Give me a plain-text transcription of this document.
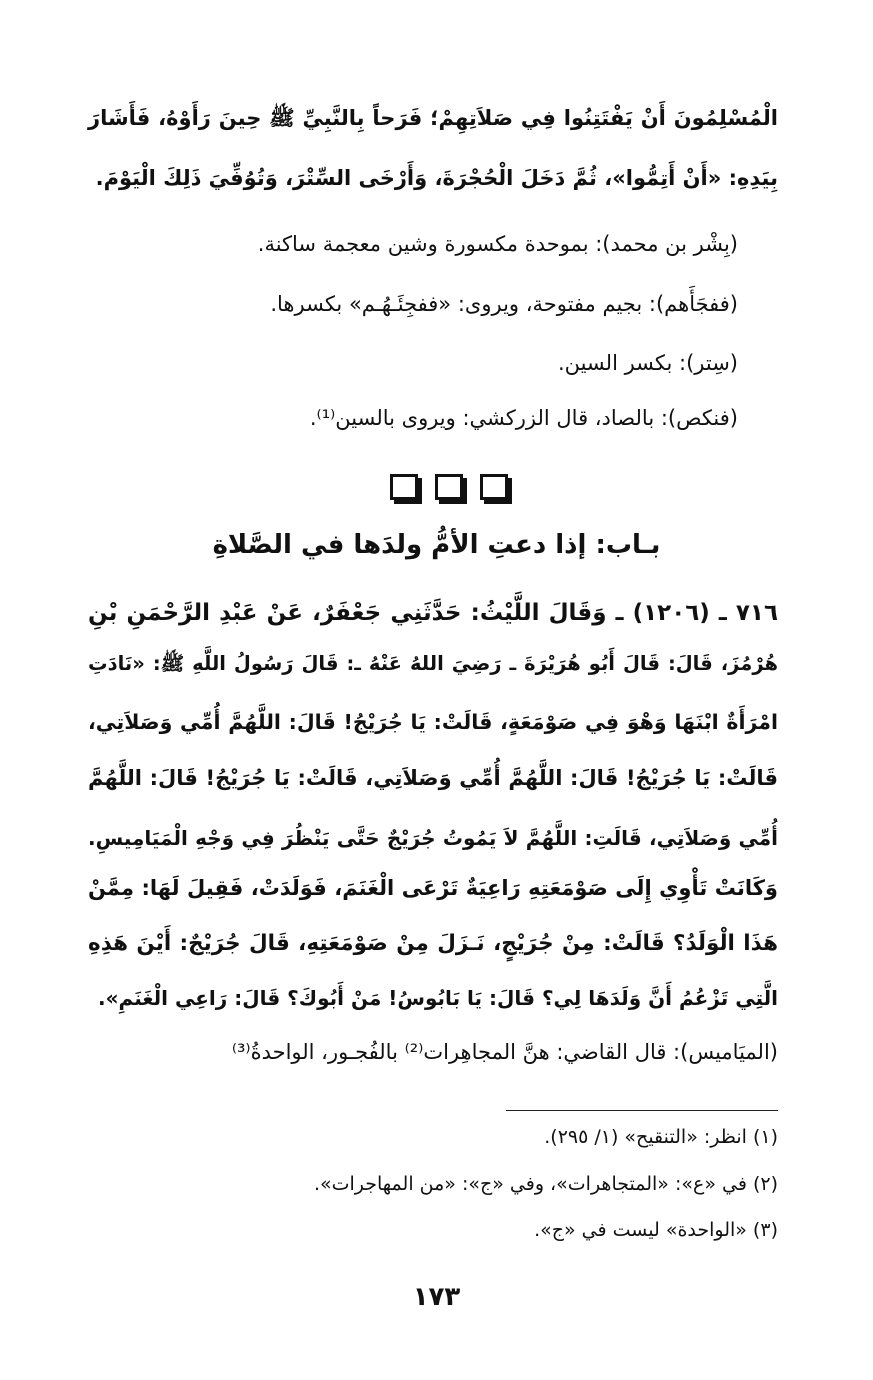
الْمُسْلِمُونَ أَنْ يَفْتَتِنُوا فِي صَلاَتِهِمْ؛ فَرَحاً بِالنَّبِيِّ ﷺ حِينَ رَأَوْهُ، فَأَشَارَ
بِيَدِهِ: «أَنْ أَتِمُّوا»، ثُمَّ دَخَلَ الْحُجْرَةَ، وَأَرْخَى السِّتْرَ، وَتُوُفِّيَ ذَلِكَ الْيَوْمَ.
(بِشْر بن محمد): بموحدة مكسورة وشين معجمة ساكنة.
(ففجَأَهم): بجيم مفتوحة، ويروى: «ففجِئَـهُـم» بكسرها.
(سِتر): بكسر السين.
(فنكص): بالصاد، قال الزركشي: ويروى بالسين⁽¹⁾.
بـاب: إذا دعتِ الأمُّ ولدَها في الصَّلاةِ
٧١٦ ـ (١٢٠٦) ـ وَقَالَ اللَّيْثُ: حَدَّثَنِي جَعْفَرٌ، عَنْ عَبْدِ الرَّحْمَنِ بْنِ
هُرْمُزَ، قَالَ: قَالَ أَبُو هُرَيْرَةَ ـ رَضِيَ اللهُ عَنْهُ ـ: قَالَ رَسُولُ اللَّهِ ﷺ: «نَادَتِ
امْرَأَةٌ ابْنَهَا وَهْوَ فِي صَوْمَعَةٍ، قَالَتْ: يَا جُرَيْجُ! قَالَ: اللَّهُمَّ أُمِّي وَصَلاَتِي،
قَالَتْ: يَا جُرَيْجُ! قَالَ: اللَّهُمَّ أُمِّي وَصَلاَتِي، قَالَتْ: يَا جُرَيْجُ! قَالَ: اللَّهُمَّ
أُمِّي وَصَلاَتِي، قَالَتِ: اللَّهُمَّ لاَ يَمُوتُ جُرَيْجٌ حَتَّى يَنْظُرَ فِي وَجْهِ الْمَيَامِيسِ.
وَكَانَتْ تَأْوِي إِلَى صَوْمَعَتِهِ رَاعِيَةٌ تَرْعَى الْغَنَمَ، فَوَلَدَتْ، فَقِيلَ لَهَا: مِمَّنْ
هَذَا الْوَلَدُ؟ قَالَتْ: مِنْ جُرَيْجٍ، نَـزَلَ مِنْ صَوْمَعَتِهِ، قَالَ جُرَيْجٌ: أَيْنَ هَذِهِ
الَّتِي تَزْعُمُ أَنَّ وَلَدَهَا لِي؟ قَالَ: يَا بَابُوسُ! مَنْ أَبُوكَ؟ قَالَ: رَاعِي الْغَنَمِ».
(الميَاميس): قال القاضي: هنَّ المجاهِرات⁽²⁾ بالفُجـور، الواحدةُ⁽³⁾
(١) انظر: «التنقيح» (١/ ٢٩٥).
(٢) في «ع»: «المتجاهرات»، وفي «ج»: «من المهاجرات».
(٣) «الواحدة» ليست في «ج».
١٧٣
